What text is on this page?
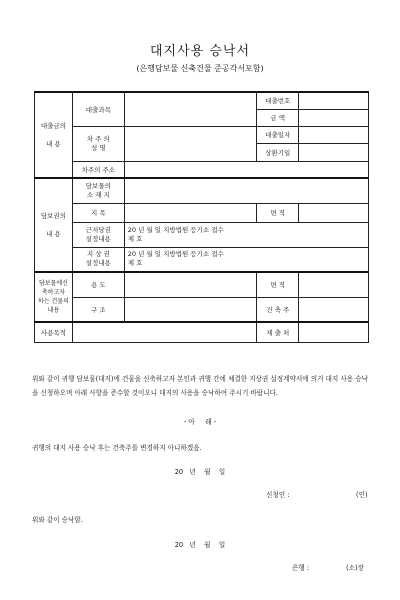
대지사용 승낙서
(은행담보물 신축건물 준공각서포함)
대출금의

내 용	대출과목		대출번호	
			금 액	
	차 주 의
성 명		대출일자	
			상환기일	
	차주의 주소			
담보권의

내 용	담보물의
소 재 지			
	지 목		면 적	
	근저당권
설정내용	20 년 월 일 지방법원 등기소 접수
제 호		
	지 상 권
설정내용	20 년 월 일 지방법원 등기소 접수
제 호		
담보물에신
축하고자
하는 건물의
내용	용 도		면 적	
	구 조		건 축 주	
사용목적			제 출 처	
위와 같이 귀행 담보물(대지)에 건물을 신축하고자 본인과 귀행 간에 체결한 지상권 설정계약서에 의거 대지 사용 승낙을 신청하오며 아래 사항을 준수할 것이오니 대지의 사용을 승낙하여 주시기 바랍니다.
- 아     래 -
귀행의 대지 사용 승낙 후는 건축주를 변경하지 아니하겠음.
20   년    월    일
신청인 :	(인)
위와 같이 승낙함.
20   년    월    일
은행 :	(소)장
